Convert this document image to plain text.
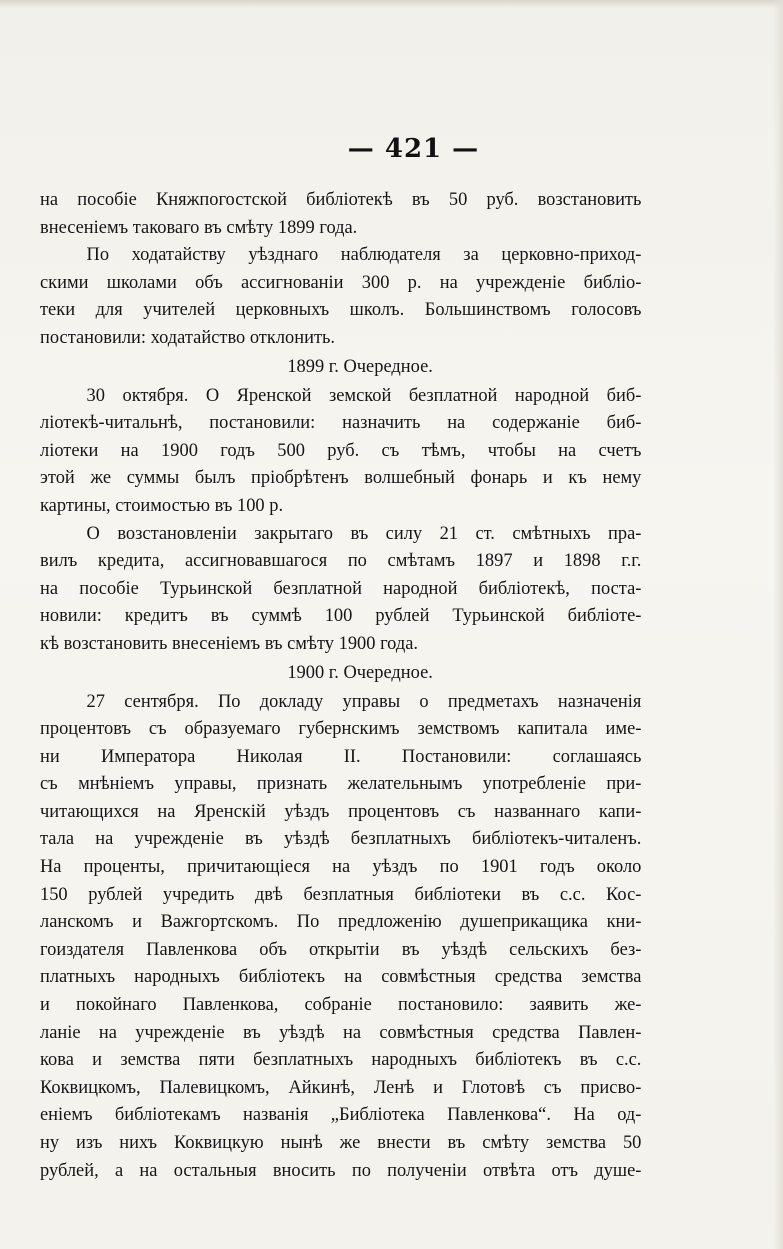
— 421 —
на пособіе Княжпогостской библіотекѣ въ 50 руб. возстановить
внесеніемъ таковаго въ смѣту 1899 года.
По ходатайству уѣзднаго наблюдателя за церковно-приход-
скими школами объ ассигнованіи 300 р. на учрежденіе библіо-
теки для учителей церковныхъ школъ. Большинствомъ голосовъ
постановили: ходатайство отклонить.
1899 г. Очередное.
30 октября. О Яренской земской безплатной народной биб-
ліотекѣ-читальнѣ, постановили: назначить на содержаніе биб-
ліотеки на 1900 годъ 500 руб. съ тѣмъ, чтобы на счетъ
этой же суммы былъ пріобрѣтенъ волшебный фонарь и къ нему
картины, стоимостью въ 100 р.
О возстановленіи закрытаго въ силу 21 ст. смѣтныхъ пра-
вилъ кредита, ассигновавшагося по смѣтамъ 1897 и 1898 г.г.
на пособіе Турьинской безплатной народной библіотекѣ, поста-
новили: кредитъ въ суммѣ 100 рублей Турьинской библіоте-
кѣ возстановить внесеніемъ въ смѣту 1900 года.
1900 г. Очередное.
27 сентября. По докладу управы о предметахъ назначенія
процентовъ съ образуемаго губернскимъ земствомъ капитала име-
ни Императора Николая II. Постановили: соглашаясь
съ мнѣніемъ управы, признать желательнымъ употребленіе при-
читающихся на Яренскій уѣздъ процентовъ съ названнаго капи-
тала на учрежденіе въ уѣздѣ безплатныхъ библіотекъ-читаленъ.
На проценты, причитающіеся на уѣздъ по 1901 годъ около
150 рублей учредить двѣ безплатныя библіотеки въ с.с. Кос-
ланскомъ и Важгортскомъ. По предложенію душеприкащика кни-
гоиздателя Павленкова объ открытіи въ уѣздѣ сельскихъ без-
платныхъ народныхъ библіотекъ на совмѣстныя средства земства
и покойнаго Павленкова, собраніе постановило: заявить же-
ланіе на учрежденіе въ уѣздѣ на совмѣстныя средства Павлен-
кова и земства пяти безплатныхъ народныхъ библіотекъ въ с.с.
Коквицкомъ, Палевицкомъ, Айкинѣ, Ленѣ и Глотовѣ съ присво-
еніемъ библіотекамъ названія „Библіотека Павленкова“. На од-
ну изъ нихъ Коквицкую нынѣ же внести въ смѣту земства 50
рублей, а на остальныя вносить по полученіи отвѣта отъ душе-
